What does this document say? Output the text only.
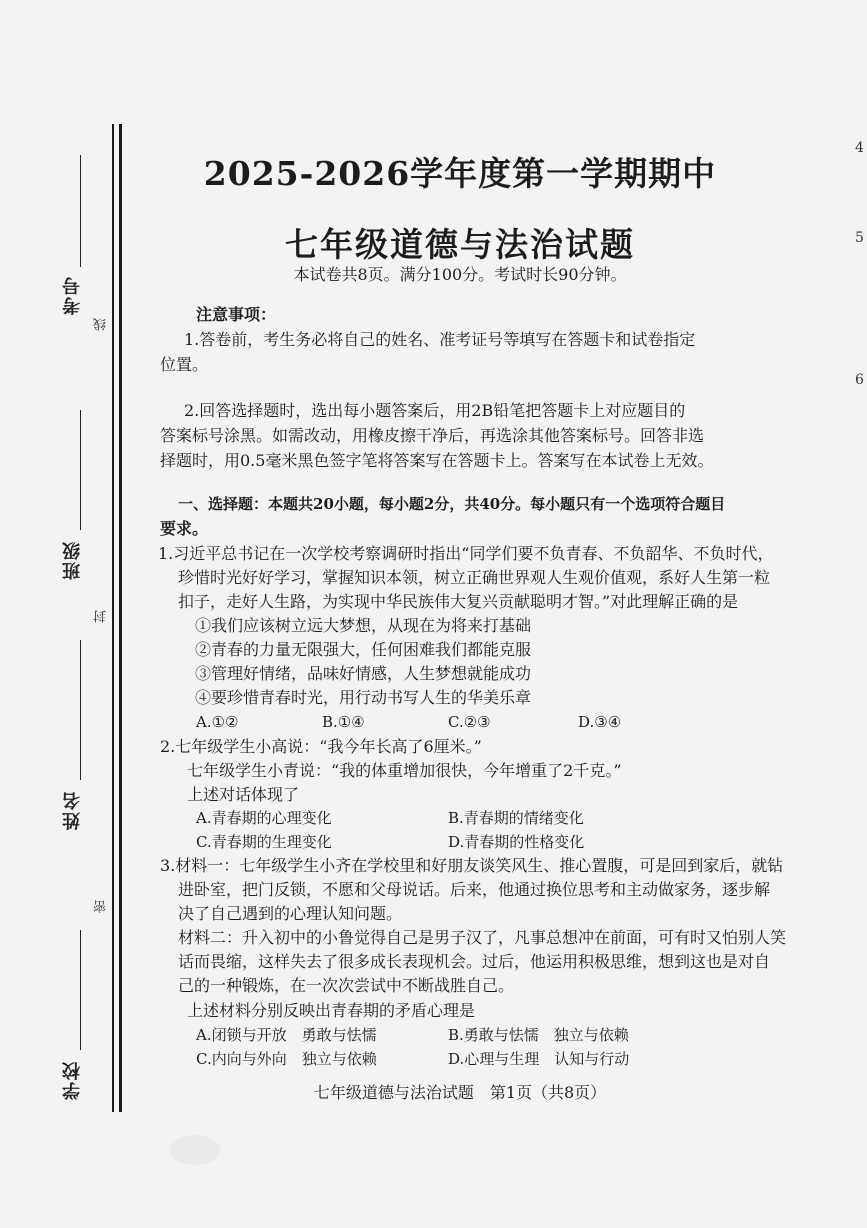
考号
线
班级
封
姓名
密
学校
4
5
6
2025-2026学年度第一学期期中
七年级道德与法治试题
本试卷共8页。满分100分。考试时长90分钟。
注意事项：
1.答卷前，考生务必将自己的姓名、准考证号等填写在答题卡和试卷指定
位置。
2.回答选择题时，选出每小题答案后，用2B铅笔把答题卡上对应题目的
答案标号涂黑。如需改动，用橡皮擦干净后，再选涂其他答案标号。回答非选
择题时，用0.5毫米黑色签字笔将答案写在答题卡上。答案写在本试卷上无效。
一、选择题：本题共20小题，每小题2分，共40分。每小题只有一个选项符合题目
要求。
1.习近平总书记在一次学校考察调研时指出“同学们要不负青春、不负韶华、不负时代，
珍惜时光好好学习，掌握知识本领，树立正确世界观人生观价值观，系好人生第一粒
扣子，走好人生路，为实现中华民族伟大复兴贡献聪明才智。”对此理解正确的是
①我们应该树立远大梦想，从现在为将来打基础
②青春的力量无限强大，任何困难我们都能克服
③管理好情绪，品味好情感，人生梦想就能成功
④要珍惜青春时光，用行动书写人生的华美乐章
A.①②	B.①④	C.②③	D.③④
2.七年级学生小高说：“我今年长高了6厘米。”
七年级学生小青说：“我的体重增加很快，今年增重了2千克。”
上述对话体现了
A.青春期的心理变化	B.青春期的情绪变化
C.青春期的生理变化	D.青春期的性格变化
3.材料一：七年级学生小齐在学校里和好朋友谈笑风生、推心置腹，可是回到家后，就钻
进卧室，把门反锁，不愿和父母说话。后来，他通过换位思考和主动做家务，逐步解
决了自己遇到的心理认知问题。
材料二：升入初中的小鲁觉得自己是男子汉了，凡事总想冲在前面，可有时又怕别人笑
话而畏缩，这样失去了很多成长表现机会。过后，他运用积极思维，想到这也是对自
己的一种锻炼，在一次次尝试中不断战胜自己。
上述材料分别反映出青春期的矛盾心理是
A.闭锁与开放　勇敢与怯懦	B.勇敢与怯懦　独立与依赖
C.内向与外向　独立与依赖	D.心理与生理　认知与行动
七年级道德与法治试题　第1页（共8页）
